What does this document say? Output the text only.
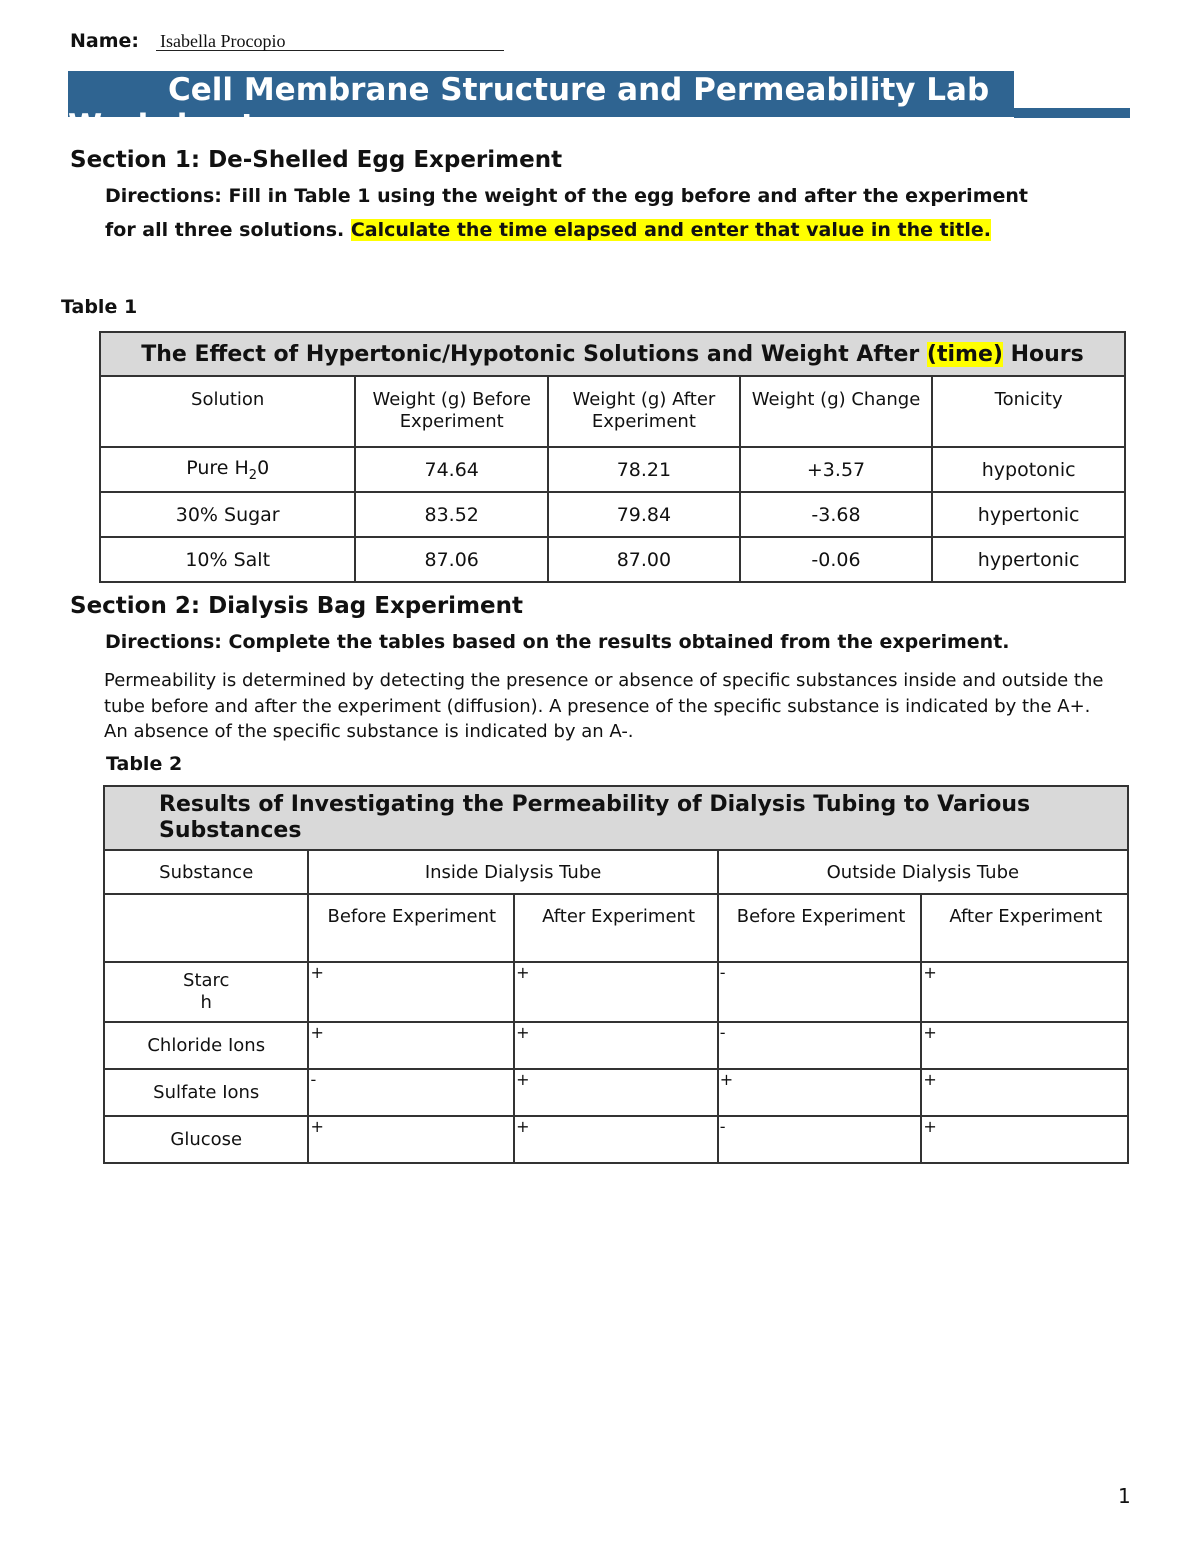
Name: Isabella Procopio
Cell Membrane Structure and Permeability Lab
Worksheet
Section 1: De-Shelled Egg Experiment
Directions: Fill in Table 1 using the weight of the egg before and after the experiment for all three solutions. Calculate the time elapsed and enter that value in the title.
Table 1
The Effect of Hypertonic/Hypotonic Solutions and Weight After (time) Hours				
Solution	Weight (g) Before Experiment	Weight (g) After Experiment	Weight (g) Change	Tonicity
Pure $H_20$	74.64	78.21	+3.57	hypotonic
30% Sugar	83.52	79.84	-3.68	hypertonic
10% Salt	87.06	87.00	-0.06	hypertonic
Section 2: Dialysis Bag Experiment
Directions: Complete the tables based on the results obtained from the experiment.
Permeability is determined by detecting the presence or absence of specific substances inside and outside the tube before and after the experiment (diffusion). A presence of the specific substance is indicated by the A+. An absence of the specific substance is indicated by an A-.
Table 2
Results of Investigating the Permeability of Dialysis Tubing to Various Substances				
Substance	Inside Dialysis Tube		Outside Dialysis Tube	
	Before Experiment	After Experiment	Before Experiment	After Experiment
Starc h	+	+	-	+
Chloride Ions	+	+	-	+
Sulfate Ions	-	+	+	+
Glucose	+	+	-	+
1
